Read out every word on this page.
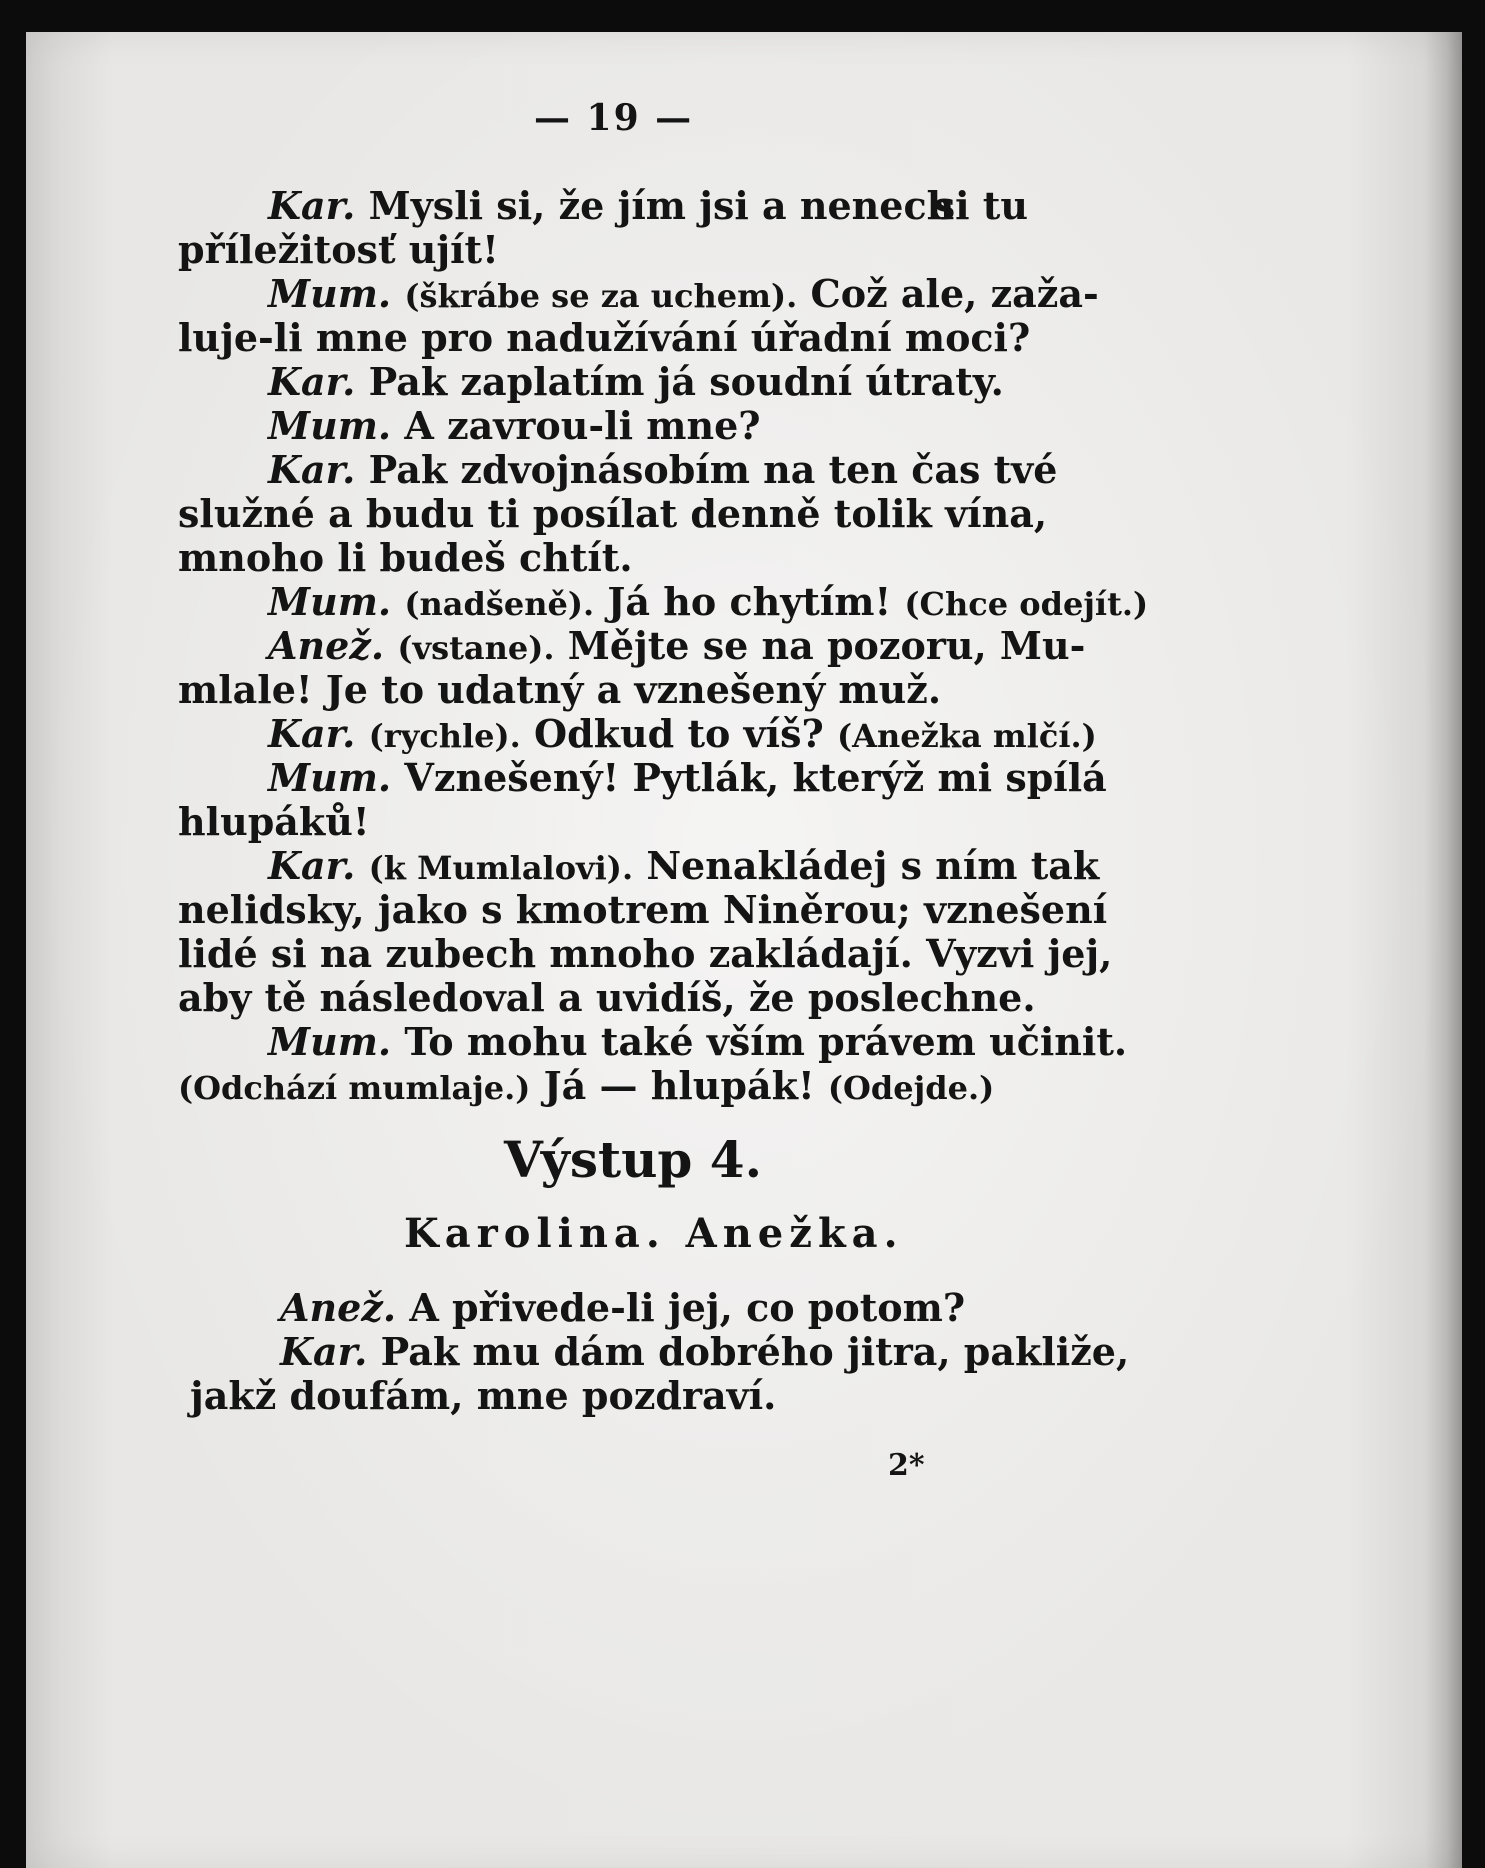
— 19 —
Kar. Mysli si, že jím jsi a nenech
si tu
příležitosť ujít!
Mum. (škrábe se za uchem). Což ale, zaža-
luje-li mne pro nadužívání úřadní moci?
Kar. Pak zaplatím já soudní útraty.
Mum. A zavrou-li mne?
Kar. Pak zdvojnásobím na ten čas tvé
služné a budu ti posílat denně tolik vína,
mnoho li budeš chtít.
Mum. (nadšeně). Já ho chytím! (Chce odejít.)
Anež. (vstane). Mějte se na pozoru, Mu-
mlale! Je to udatný a vznešený muž.
Kar. (rychle). Odkud to víš? (Anežka mlčí.)
Mum. Vznešený! Pytlák, kterýž mi spílá
hlupáků!
Kar. (k Mumlalovi). Nenakládej s ním tak
nelidsky, jako s kmotrem Niněrou; vznešení
lidé si na zubech mnoho zakládají. Vyzvi jej,
aby tě následoval a uvidíš, že poslechne.
Mum. To mohu také vším právem učinit.
(Odchází mumlaje.) Já — hlupák! (Odejde.)
Výstup 4.
Karolina. Anežka.
Anež. A přivede-li jej, co potom?
Kar. Pak mu dám dobrého jitra, pakliže,
jakž doufám, mne pozdraví.
2*
